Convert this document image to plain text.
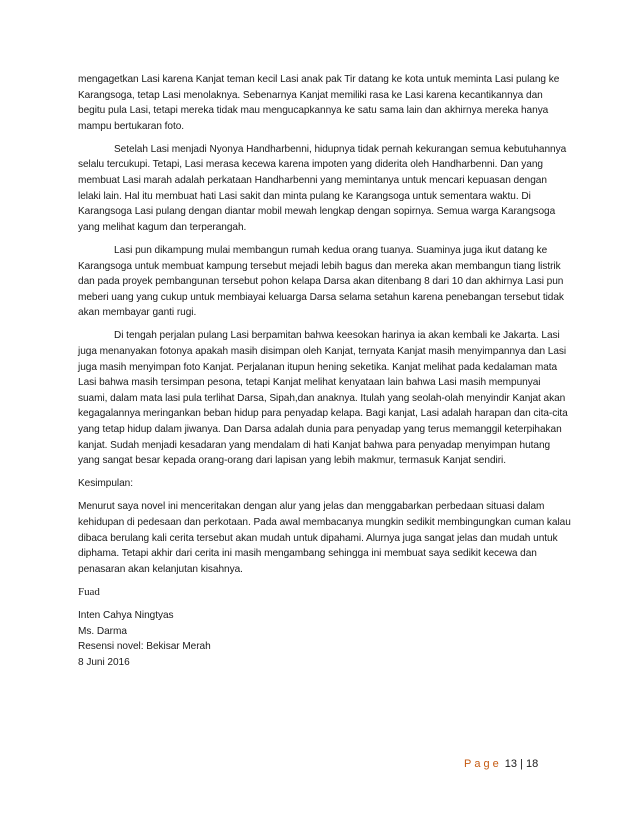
mengagetkan Lasi karena Kanjat teman kecil Lasi anak pak Tir datang ke kota untuk meminta Lasi pulang ke Karangsoga, tetap Lasi menolaknya. Sebenarnya Kanjat memiliki rasa ke Lasi karena kecantikannya dan begitu pula Lasi, tetapi mereka tidak mau mengucapkannya ke satu sama lain dan akhirnya mereka hanya mampu bertukaran foto.

Setelah Lasi menjadi Nyonya Handharbenni, hidupnya tidak pernah kekurangan semua kebutuhannya selalu tercukupi. Tetapi, Lasi merasa kecewa karena impoten yang diderita oleh Handharbenni. Dan yang membuat Lasi marah adalah perkataan Handharbenni yang memintanya untuk mencari kepuasan dengan lelaki lain. Hal itu membuat hati Lasi sakit dan minta pulang ke Karangsoga untuk sementara waktu. Di Karangsoga Lasi pulang dengan diantar mobil mewah lengkap dengan sopirnya. Semua warga Karangsoga yang melihat kagum dan terperangah.

Lasi pun dikampung mulai membangun rumah kedua orang tuanya. Suaminya juga ikut datang ke Karangsoga untuk membuat kampung tersebut mejadi lebih bagus dan mereka akan membangun tiang listrik dan pada proyek pembangunan tersebut pohon kelapa Darsa akan ditenbang 8 dari 10 dan akhirnya Lasi pun meberi uang yang cukup untuk membiayai keluarga Darsa selama setahun karena penebangan tersebut tidak akan membayar ganti rugi.

Di tengah perjalan pulang Lasi berpamitan bahwa keesokan harinya ia akan kembali ke Jakarta. Lasi juga menanyakan fotonya apakah masih disimpan oleh Kanjat, ternyata Kanjat masih menyimpannya dan Lasi juga masih menyimpan foto Kanjat. Perjalanan itupun hening seketika. Kanjat melihat pada kedalaman mata Lasi bahwa masih tersimpan pesona, tetapi Kanjat melihat kenyataan lain bahwa Lasi masih mempunyai suami, dalam mata lasi pula terlihat Darsa, Sipah,dan anaknya. Itulah yang seolah-olah menyindir Kanjat akan kegagalannya meringankan beban hidup para penyadap kelapa. Bagi kanjat, Lasi adalah harapan dan cita-cita yang tetap hidup dalam jiwanya. Dan Darsa adalah dunia para penyadap yang terus memanggil keterpihakan kanjat. Sudah menjadi kesadaran yang mendalam di hati Kanjat bahwa para penyadap menyimpan hutang yang sangat besar kepada orang-orang dari lapisan yang lebih makmur, termasuk Kanjat sendiri.

Kesimpulan:

Menurut saya novel ini menceritakan dengan alur yang jelas dan menggabarkan perbedaan situasi dalam kehidupan di pedesaan dan perkotaan. Pada awal membacanya mungkin sedikit membingungkan cuman kalau dibaca berulang kali cerita tersebut akan mudah untuk dipahami. Alurnya juga sangat jelas dan mudah untuk diphama. Tetapi akhir dari cerita ini masih mengambang sehingga ini membuat saya sedikit kecewa dan penasaran akan kelanjutan kisahnya.

Fuad

Inten Cahya Ningtyas

Ms. Darma

Resensi novel: Bekisar Merah

8 Juni 2016

Page 13 | 18
